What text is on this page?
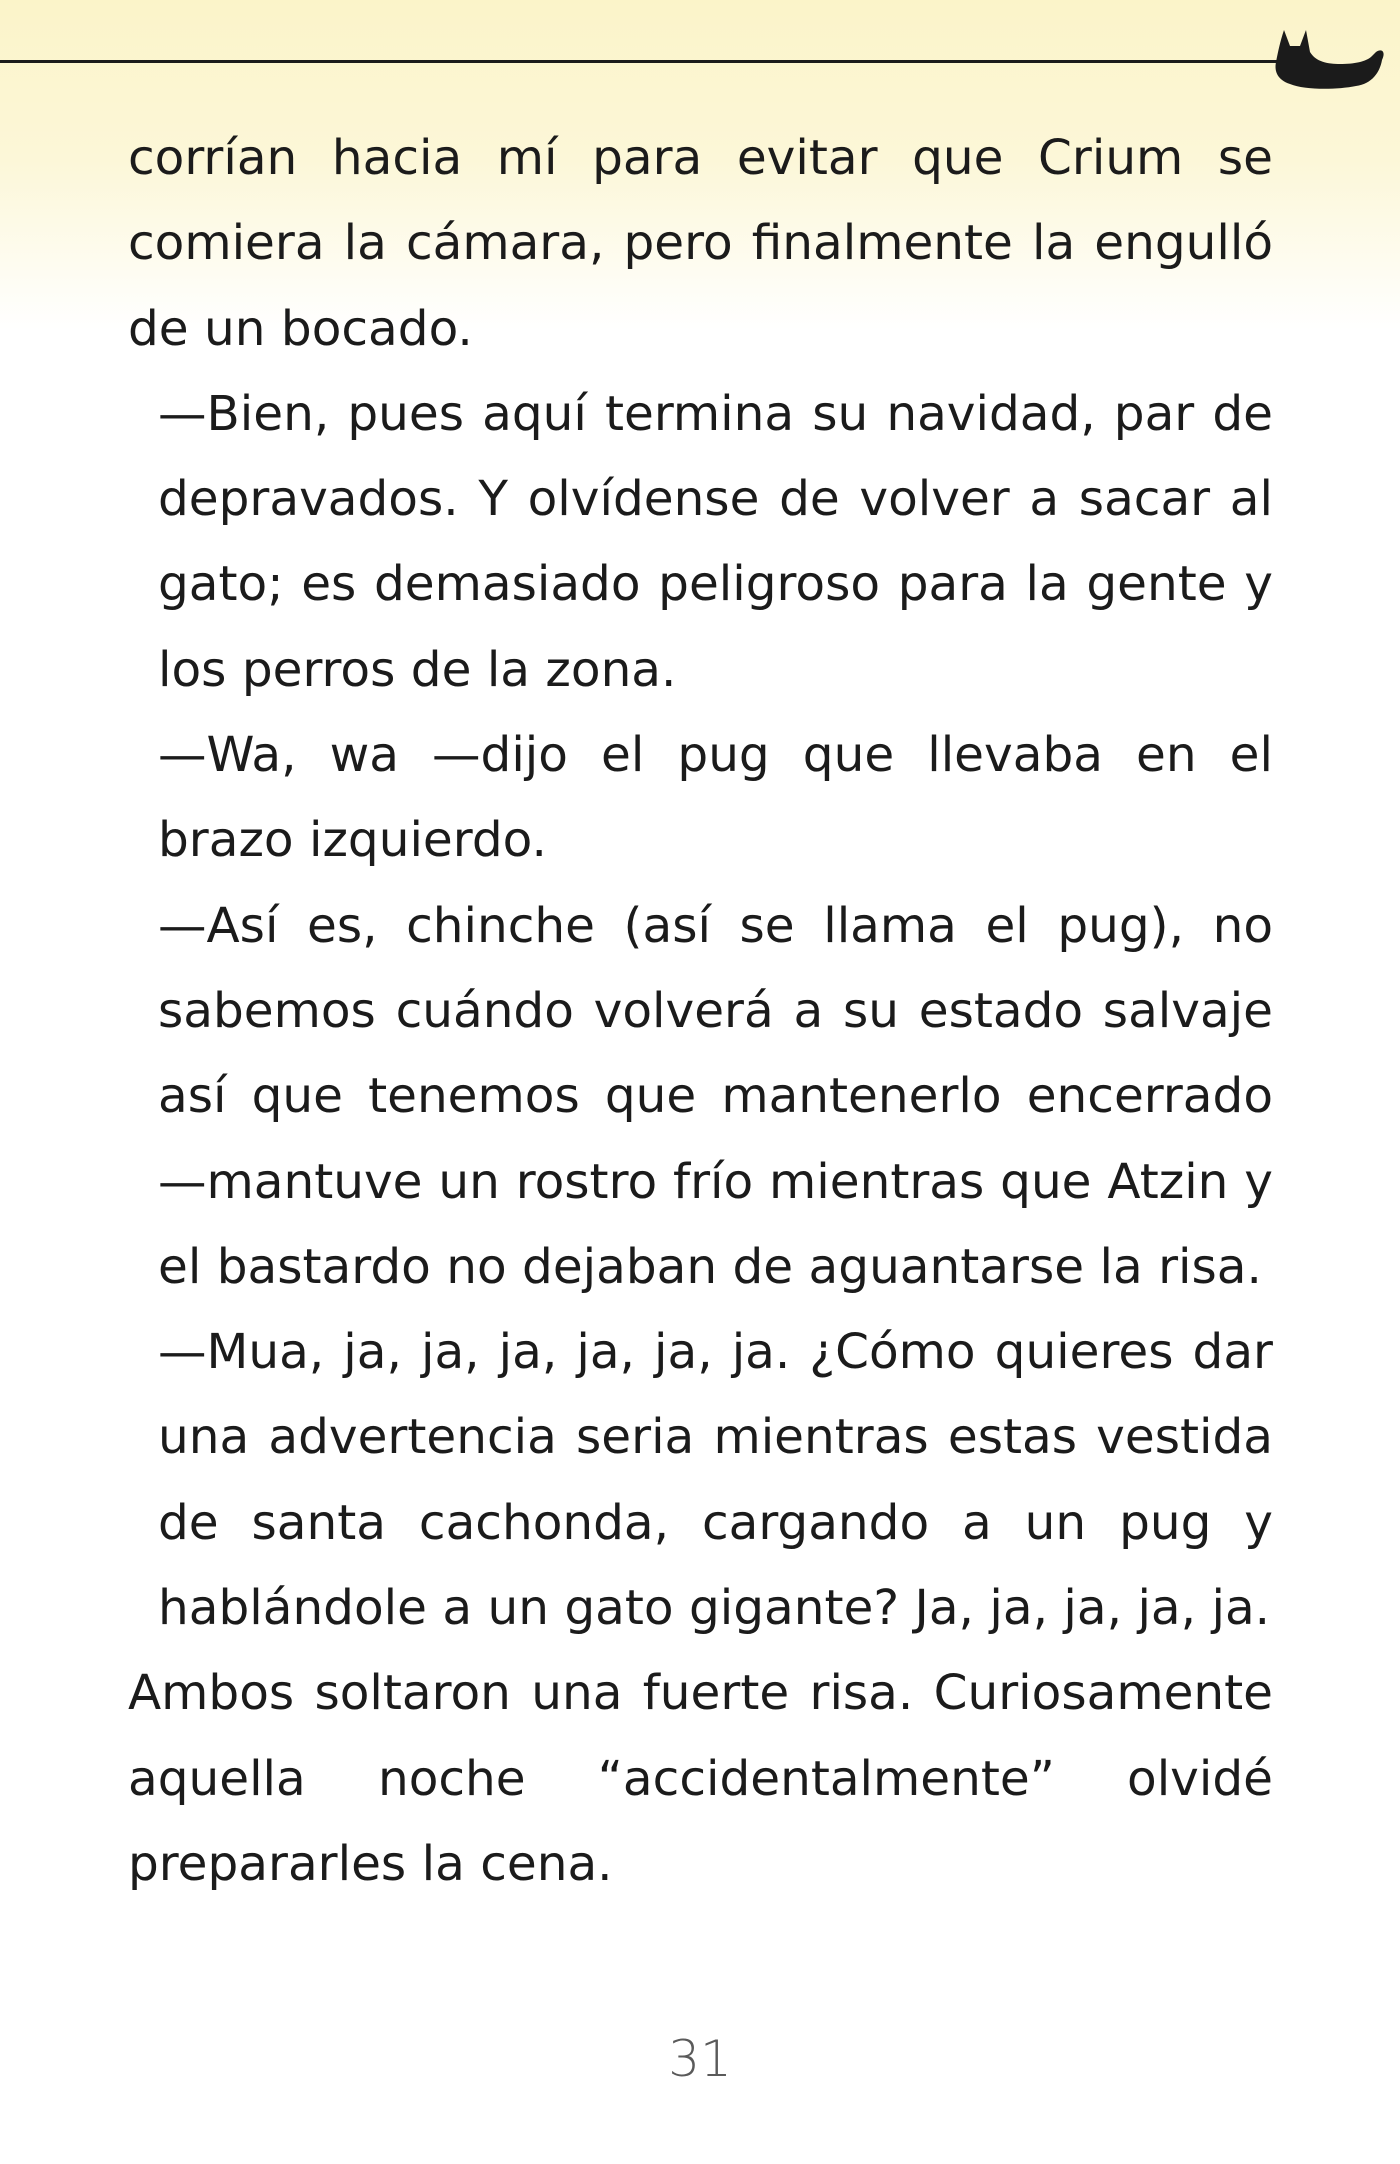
corrían hacia mí para evitar que Crium se comiera la cámara, pero finalmente la engulló de un bocado.

—Bien, pues aquí termina su navidad, par de depravados. Y olvídense de volver a sacar al gato; es demasiado peligroso para la gente y los perros de la zona.

—Wa, wa —dijo el pug que llevaba en el brazo izquierdo.

—Así es, chinche (así se llama el pug), no sabemos cuándo volverá a su estado salvaje así que tenemos que mantenerlo encerrado —mantuve un rostro frío mientras que Atzin y el bastardo no dejaban de aguantarse la risa.

—Mua, ja, ja, ja, ja, ja, ja. ¿Cómo quieres dar una advertencia seria mientras estas vestida de santa cachonda, cargando a un pug y hablándole a un gato gigante? Ja, ja, ja, ja, ja.

Ambos soltaron una fuerte risa. Curiosamente aquella noche “accidentalmente” olvidé prepararles la cena.

31
